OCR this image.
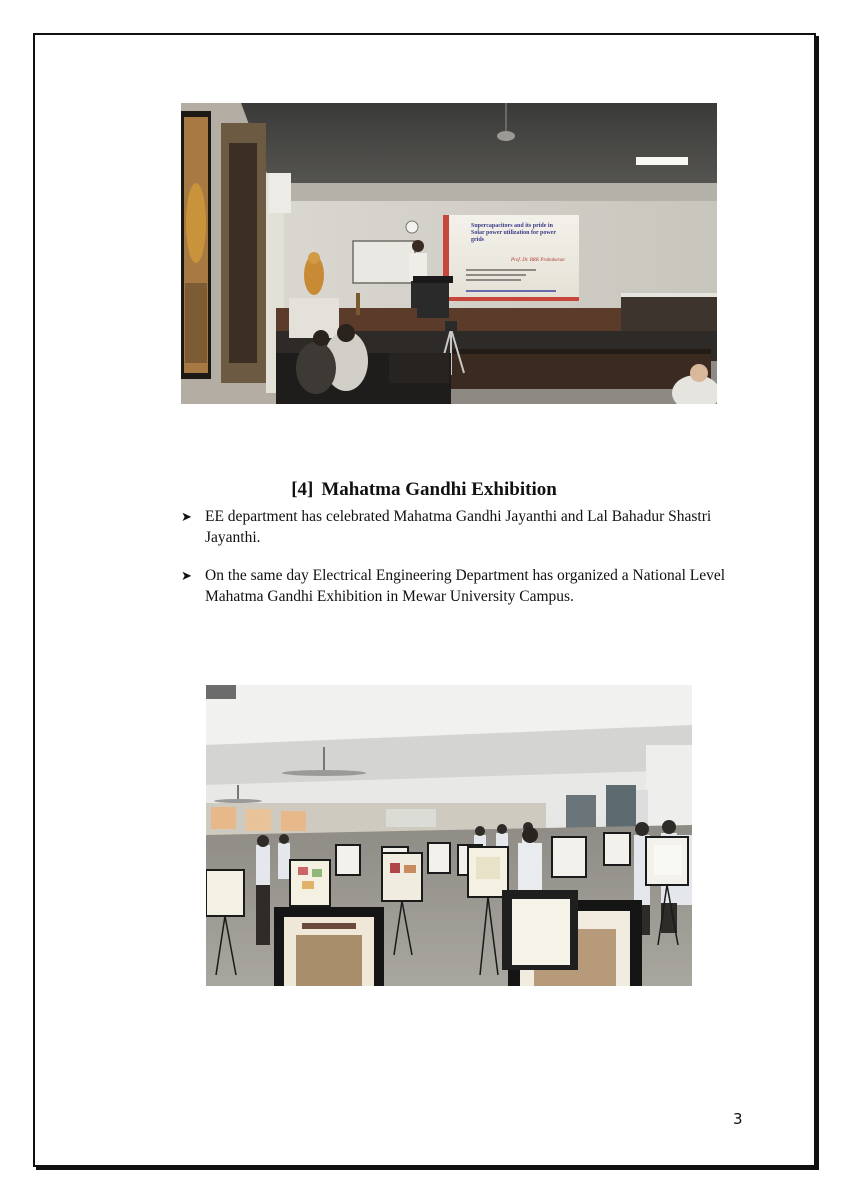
Supercapacitors and its pride in Solar power utilization for power grids
Prof. Dr. BRK Prabakaran
[4] Mahatma Gandhi Exhibition
➤ EE department has celebrated Mahatma Gandhi Jayanthi and Lal Bahadur Shastri Jayanthi.
➤ On the same day Electrical Engineering Department has organized a National Level Mahatma Gandhi Exhibition in Mewar University Campus.
3
